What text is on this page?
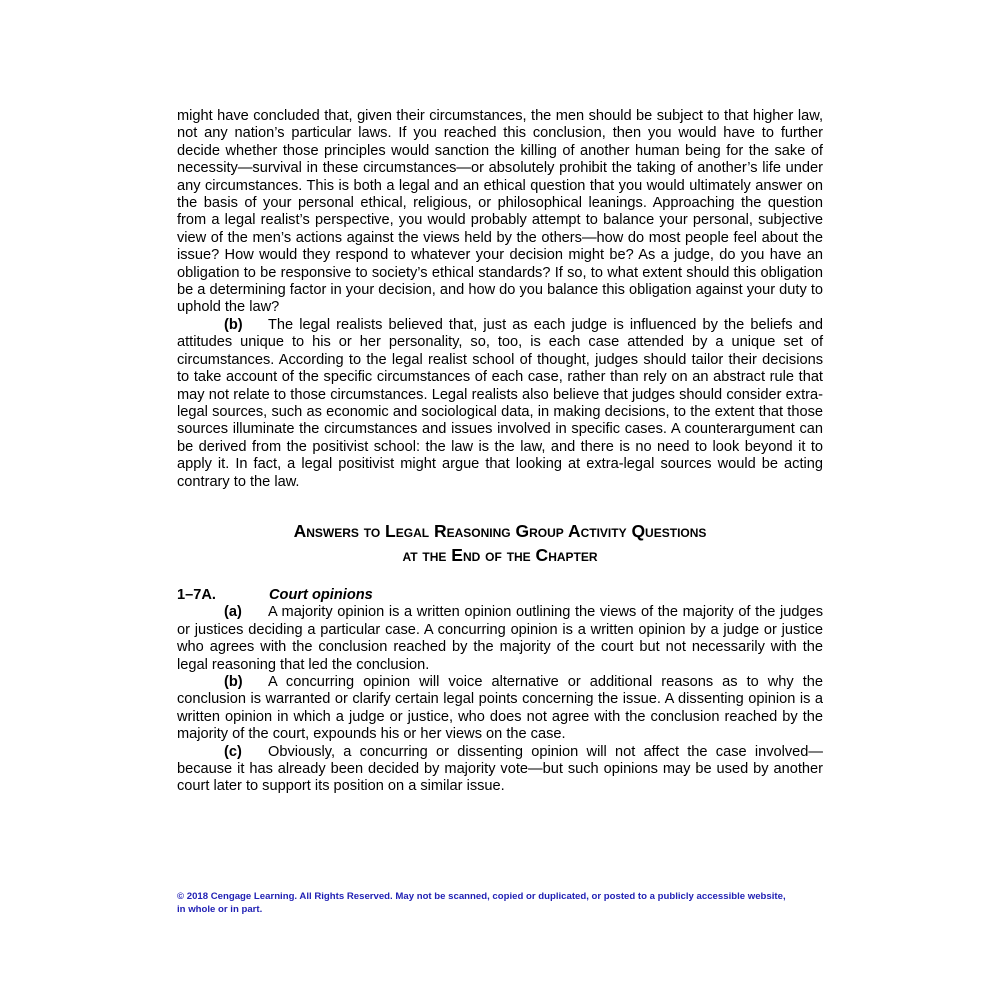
might have concluded that, given their circumstances, the men should be subject to that higher law, not any nation’s particular laws. If you reached this conclusion, then you would have to further decide whether those principles would sanction the killing of another human being for the sake of necessity—survival in these circumstances—or absolutely prohibit the taking of another’s life under any circumstances. This is both a legal and an ethical question that you would ultimately answer on the basis of your personal ethical, religious, or philosophical leanings. Approaching the question from a legal realist’s perspective, you would probably attempt to balance your personal, subjective view of the men’s actions against the views held by the others—how do most people feel about the issue? How would they respond to whatever your decision might be? As a judge, do you have an obligation to be responsive to society’s ethical standards? If so, to what extent should this obligation be a determining factor in your decision, and how do you balance this obligation against your duty to uphold the law?

(b) The legal realists believed that, just as each judge is influenced by the beliefs and attitudes unique to his or her personality, so, too, is each case attended by a unique set of circumstances. According to the legal realist school of thought, judges should tailor their decisions to take account of the specific circumstances of each case, rather than rely on an abstract rule that may not relate to those circumstances. Legal realists also believe that judges should consider extra-legal sources, such as economic and sociological data, in making decisions, to the extent that those sources illuminate the circumstances and issues involved in specific cases. A counterargument can be derived from the positivist school: the law is the law, and there is no need to look beyond it to apply it. In fact, a legal positivist might argue that looking at extra-legal sources would be acting contrary to the law.

Answers to Legal Reasoning Group Activity Questions
at the End of the Chapter
1–7A.	Court opinions

(a) A majority opinion is a written opinion outlining the views of the majority of the judges or justices deciding a particular case. A concurring opinion is a written opinion by a judge or justice who agrees with the conclusion reached by the majority of the court but not necessarily with the legal reasoning that led the conclusion.

(b) A concurring opinion will voice alternative or additional reasons as to why the conclusion is warranted or clarify certain legal points concerning the issue. A dissenting opinion is a written opinion in which a judge or justice, who does not agree with the conclusion reached by the majority of the court, expounds his or her views on the case.

(c) Obviously, a concurring or dissenting opinion will not affect the case involved—because it has already been decided by majority vote—but such opinions may be used by another court later to support its position on a similar issue.

© 2018 Cengage Learning. All Rights Reserved. May not be scanned, copied or duplicated, or posted to a publicly accessible website,
in whole or in part.
